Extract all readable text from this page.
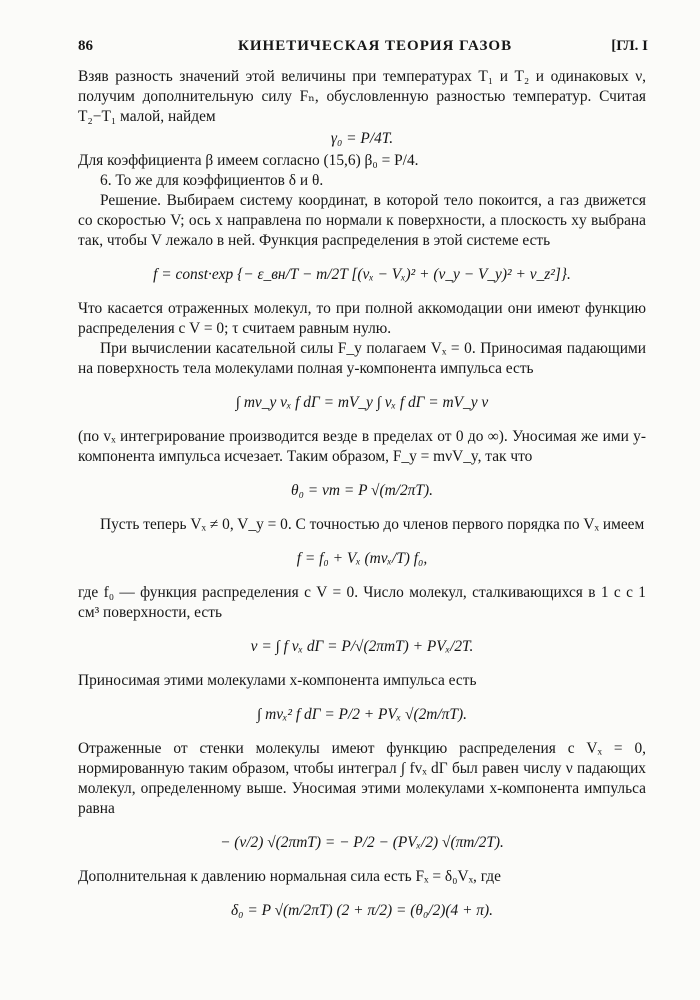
86	КИНЕТИЧЕСКАЯ ТЕОРИЯ ГАЗОВ	[ГЛ. I

Взяв разность значений этой величины при температурах T₁ и T₂ и одинаковых ν, получим дополнительную силу Fₙ, обусловленную разностью температур. Считая T₂−T₁ малой, найдем

γ₀ = P/4T.

Для коэффициента β имеем согласно (15,6) β₀ = P/4.

6. То же для коэффициентов δ и θ.

Решение. Выбираем систему координат, в которой тело покоится, а газ движется со скоростью V; ось x направлена по нормали к поверхности, а плоскость xy выбрана так, чтобы V лежало в ней. Функция распределения в этой системе есть

f = const·exp {− ε_вн/T − m/2T [(vₓ − Vₓ)² + (v_y − V_y)² + v_z²]}.

Что касается отраженных молекул, то при полной аккомодации они имеют функцию распределения с V = 0; τ считаем равным нулю.

При вычислении касательной силы F_y полагаем Vₓ = 0. Приносимая падающими на поверхность тела молекулами полная y-компонента импульса есть

∫ mv_y vₓ f dΓ = mV_y ∫ vₓ f dΓ = mV_y ν

(по vₓ интегрирование производится везде в пределах от 0 до ∞). Уносимая же ими y-компонента импульса исчезает. Таким образом, F_y = mνV_y, так что

θ₀ = νm = P √(m/2πT).

Пусть теперь Vₓ ≠ 0, V_y = 0. С точностью до членов первого порядка по Vₓ имеем

f = f₀ + Vₓ (mvₓ/T) f₀,

где f₀ — функция распределения с V = 0. Число молекул, сталкивающихся в 1 с с 1 см³ поверхности, есть

ν = ∫ f vₓ dΓ = P/√(2πmT) + PVₓ/2T.

Приносимая этими молекулами x-компонента импульса есть

∫ mvₓ² f dΓ = P/2 + PVₓ √(2m/πT).

Отраженные от стенки молекулы имеют функцию распределения с Vₓ = 0, нормированную таким образом, чтобы интеграл ∫ fvₓ dΓ был равен числу ν падающих молекул, определенному выше. Уносимая этими молекулами x-компонента импульса равна

− (ν/2) √(2πmT) = − P/2 − (PVₓ/2) √(πm/2T).

Дополнительная к давлению нормальная сила есть Fₓ = δ₀Vₓ, где

δ₀ = P √(m/2πT) (2 + π/2) = (θ₀/2)(4 + π).
